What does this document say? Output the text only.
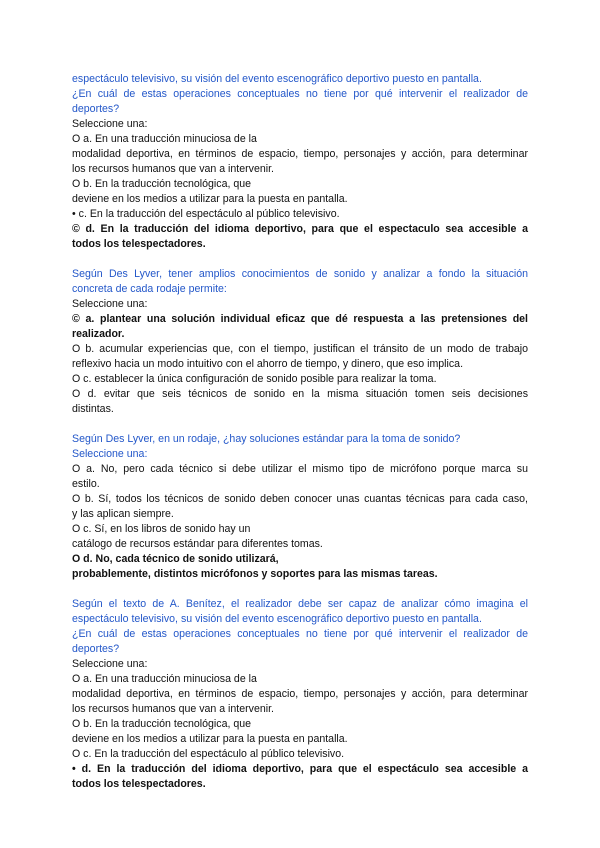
espectáculo televisivo, su visión del evento escenográfico deportivo puesto en pantalla.
¿En cuál de estas operaciones conceptuales no tiene por qué intervenir el realizador de
deportes?
Seleccione una:
O a. En una traducción minuciosa de la
modalidad deportiva, en términos de espacio, tiempo, personajes y acción, para determinar
los recursos humanos que van a intervenir.
O b. En la traducción tecnológica, que
deviene en los medios a utilizar para la puesta en pantalla.
• c. En la traducción del espectáculo al público televisivo.
© d. En la traducción del idioma deportivo, para que el espectaculo sea accesible a
todos los telespectadores.
Según Des Lyver, tener amplios conocimientos de sonido y analizar a fondo la situación
concreta de cada rodaje permite:
Seleccione una:
© a. plantear una solución individual eficaz que dé respuesta a las pretensiones del
realizador.
O b. acumular experiencias que, con el tiempo, justifican el tránsito de un modo de trabajo
reflexivo hacia un modo intuitivo con el ahorro de tiempo, y dinero, que eso implica.
O c. establecer la única configuración de sonido posible para realizar la toma.
O d. evitar que seis técnicos de sonido en la misma situación tomen seis decisiones
distintas.
Según Des Lyver, en un rodaje, ¿hay soluciones estándar para la toma de sonido?
Seleccione una:
O a. No, pero cada técnico si debe utilizar el mismo tipo de micrófono porque marca su
estilo.
O b. Sí, todos los técnicos de sonido deben conocer unas cuantas técnicas para cada caso,
y las aplican siempre.
O c. Sí, en los libros de sonido hay un
catálogo de recursos estándar para diferentes tomas.
O d. No, cada técnico de sonido utilizará,
probablemente, distintos micrófonos y soportes para las mismas tareas.
Según el texto de A. Benítez, el realizador debe ser capaz de analizar cómo imagina el
espectáculo televisivo, su visión del evento escenográfico deportivo puesto en pantalla.
¿En cuál de estas operaciones conceptuales no tiene por qué intervenir el realizador de
deportes?
Seleccione una:
O a. En una traducción minuciosa de la
modalidad deportiva, en términos de espacio, tiempo, personajes y acción, para determinar
los recursos humanos que van a intervenir.
O b. En la traducción tecnológica, que
deviene en los medios a utilizar para la puesta en pantalla.
O c. En la traducción del espectáculo al público televisivo.
• d. En la traducción del idioma deportivo, para que el espectáculo sea accesible a
todos los telespectadores.
